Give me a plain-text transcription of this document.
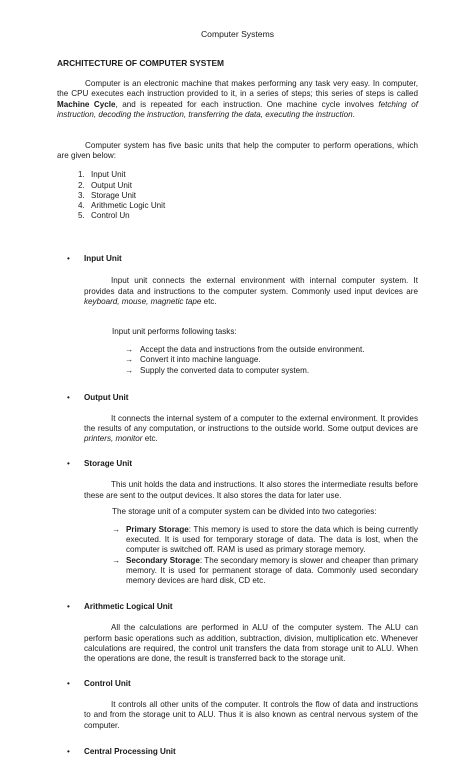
Computer Systems
ARCHITECTURE OF COMPUTER SYSTEM

Computer is an electronic machine that makes performing any task very easy. In computer, the CPU executes each instruction provided to it, in a series of steps; this series of steps is called Machine Cycle, and is repeated for each instruction. One machine cycle involves fetching of instruction, decoding the instruction, transferring the data, executing the instruction.

Computer system has five basic units that help the computer to perform operations, which are given below:

1. Input Unit
2. Output Unit
3. Storage Unit
4. Arithmetic Logic Unit
5. Control Un
• Input Unit

Input unit connects the external environment with internal computer system. It provides data and instructions to the computer system. Commonly used input devices are keyboard, mouse, magnetic tape etc.

Input unit performs following tasks:

→ Accept the data and instructions from the outside environment.
→ Convert it into machine language.
→ Supply the converted data to computer system.
• Output Unit

It connects the internal system of a computer to the external environment. It provides the results of any computation, or instructions to the outside world. Some output devices are printers, monitor etc.

• Storage Unit

This unit holds the data and instructions. It also stores the intermediate results before these are sent to the output devices. It also stores the data for later use.

The storage unit of a computer system can be divided into two categories:

→ Primary Storage: This memory is used to store the data which is being currently executed. It is used for temporary storage of data. The data is lost, when the computer is switched off. RAM is used as primary storage memory.
→ Secondary Storage: The secondary memory is slower and cheaper than primary memory. It is used for permanent storage of data. Commonly used secondary memory devices are hard disk, CD etc.
• Arithmetic Logical Unit

All the calculations are performed in ALU of the computer system. The ALU can perform basic operations such as addition, subtraction, division, multiplication etc. Whenever calculations are required, the control unit transfers the data from storage unit to ALU. When the operations are done, the result is transferred back to the storage unit.

• Control Unit

It controls all other units of the computer. It controls the flow of data and instructions to and from the storage unit to ALU. Thus it is also known as central nervous system of the computer.

• Central Processing Unit
